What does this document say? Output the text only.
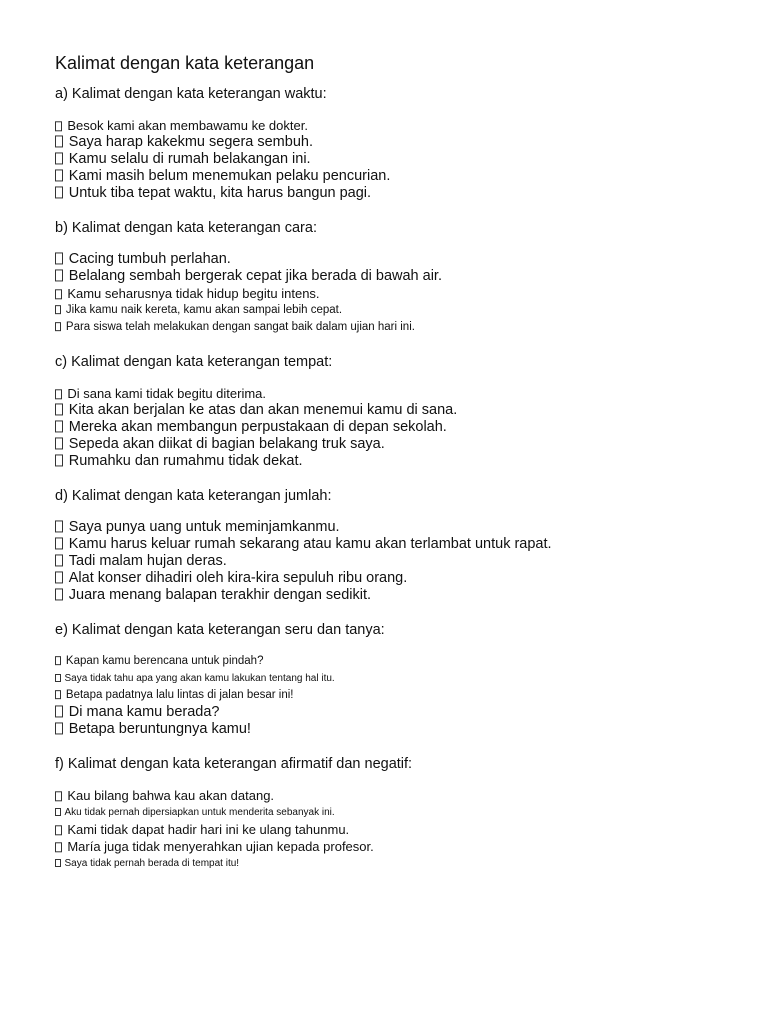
Kalimat dengan kata keterangan
a) Kalimat dengan kata keterangan waktu:
Besok kami akan membawamu ke dokter.
Saya harap kakekmu segera sembuh.
Kamu selalu di rumah belakangan ini.
Kami masih belum menemukan pelaku pencurian.
Untuk tiba tepat waktu, kita harus bangun pagi.
b) Kalimat dengan kata keterangan cara:
Cacing tumbuh perlahan.
Belalang sembah bergerak cepat jika berada di bawah air.
Kamu seharusnya tidak hidup begitu intens.
Jika kamu naik kereta, kamu akan sampai lebih cepat.
Para siswa telah melakukan dengan sangat baik dalam ujian hari ini.
c) Kalimat dengan kata keterangan tempat:
Di sana kami tidak begitu diterima.
Kita akan berjalan ke atas dan akan menemui kamu di sana.
Mereka akan membangun perpustakaan di depan sekolah.
Sepeda akan diikat di bagian belakang truk saya.
Rumahku dan rumahmu tidak dekat.
d) Kalimat dengan kata keterangan jumlah:
Saya punya uang untuk meminjamkanmu.
Kamu harus keluar rumah sekarang atau kamu akan terlambat untuk rapat.
Tadi malam hujan deras.
Alat konser dihadiri oleh kira-kira sepuluh ribu orang.
Juara menang balapan terakhir dengan sedikit.
e) Kalimat dengan kata keterangan seru dan tanya:
Kapan kamu berencana untuk pindah?
Saya tidak tahu apa yang akan kamu lakukan tentang hal itu.
Betapa padatnya lalu lintas di jalan besar ini!
Di mana kamu berada?
Betapa beruntungnya kamu!
f) Kalimat dengan kata keterangan afirmatif dan negatif:
Kau bilang bahwa kau akan datang.
Aku tidak pernah dipersiapkan untuk menderita sebanyak ini.
Kami tidak dapat hadir hari ini ke ulang tahunmu.
María juga tidak menyerahkan ujian kepada profesor.
Saya tidak pernah berada di tempat itu!
